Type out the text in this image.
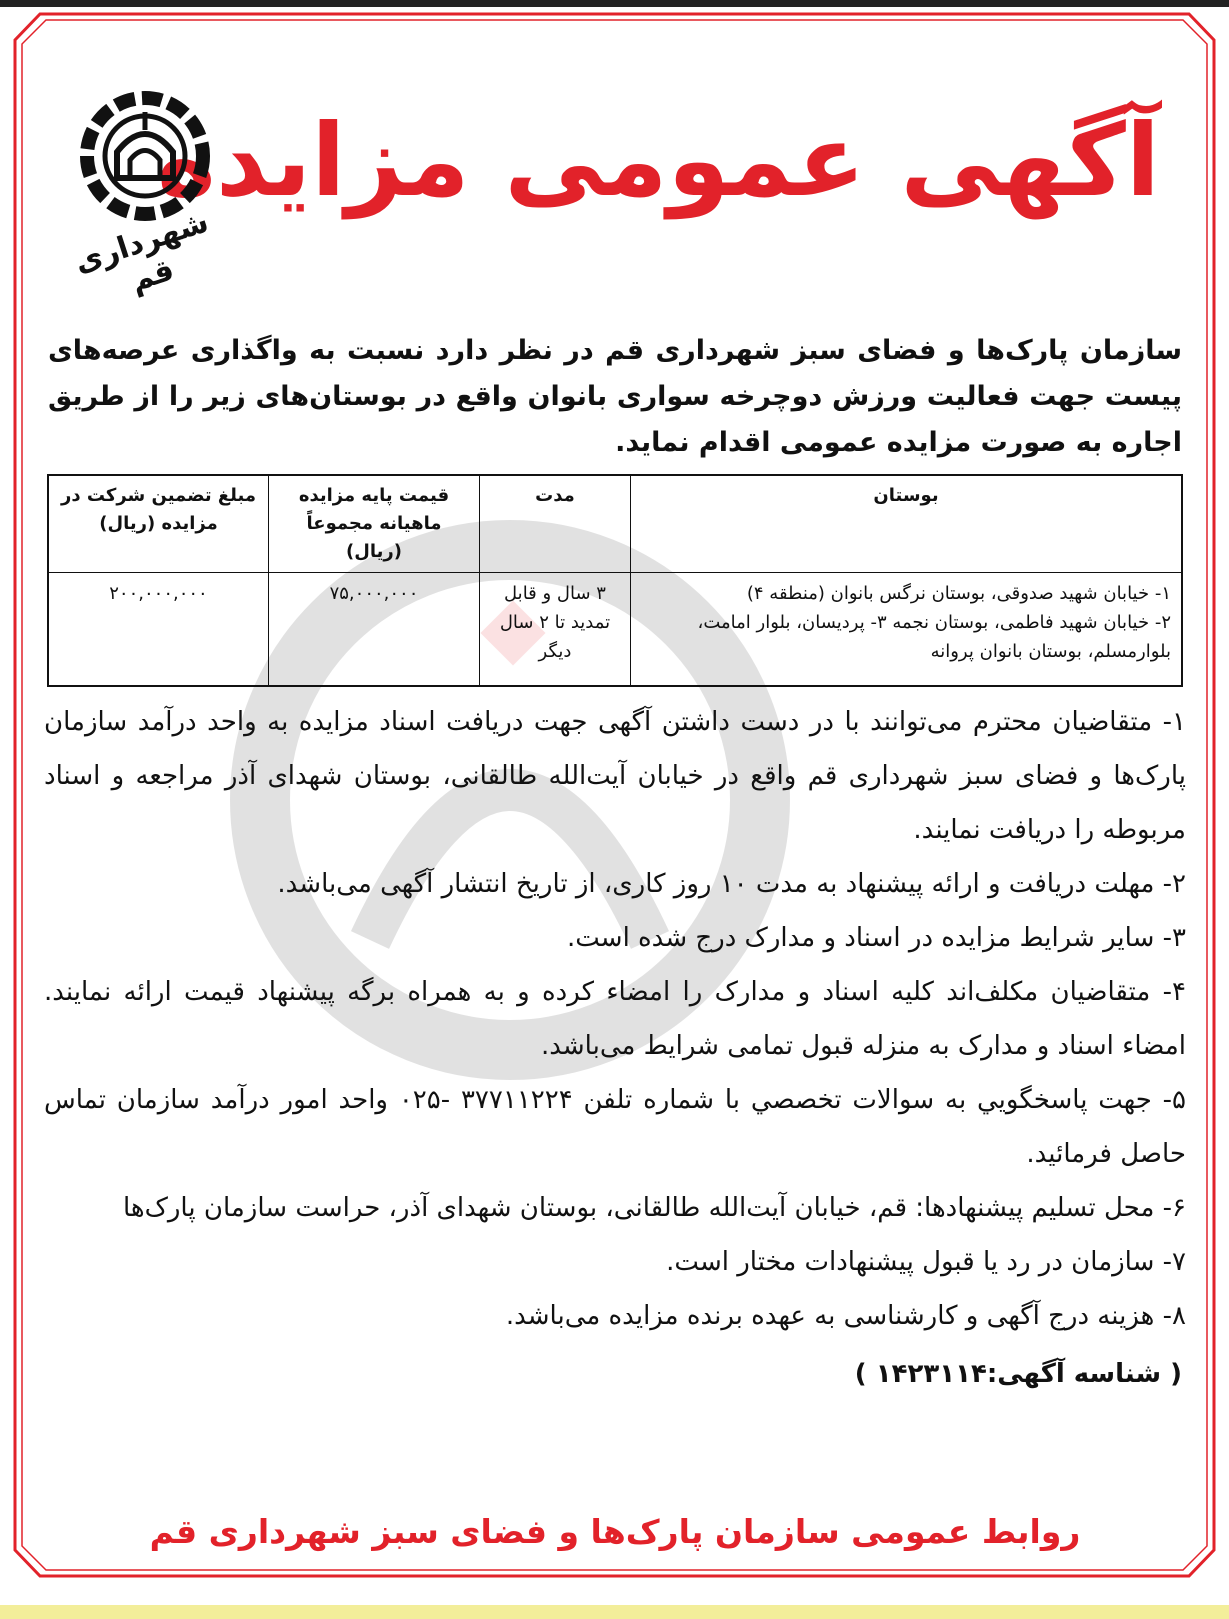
آگهی عمومی مزایده
شهرداری قم

سازمان پارک‌ها و فضای سبز شهرداری قم در نظر دارد نسبت به واگذاری عرصه‌های پیست جهت فعالیت ورزش دوچرخه سواری بانوان واقع در بوستان‌های زیر را از طریق اجاره به صورت مزایده عمومی اقدام نماید.

بوستان	مدت	قیمت پایه مزایده ماهیانه مجموعاً (ریال)	مبلغ تضمین شرکت در مزایده (ریال)

۱- خیابان شهید صدوقی، بوستان نرگس بانوان (منطقه ۴)
۲- خیابان شهید فاطمی، بوستان نجمه ۳- پردیسان، بلوار امامت، بلوارمسلم، بوستان بانوان پروانه	۳ سال و قابل تمدید تا ۲ سال دیگر	۷۵,۰۰۰,۰۰۰	۲۰۰,۰۰۰,۰۰۰

۱- متقاضیان محترم می‌توانند با در دست داشتن آگهی جهت دریافت اسناد مزایده به واحد درآمد سازمان پارک‌ها و فضای سبز شهرداری قم واقع در خیابان آیت‌الله طالقانی، بوستان شهدای آذر مراجعه و اسناد مربوطه را دریافت نمایند.

۲- مهلت دریافت و ارائه پیشنهاد به مدت ۱۰ روز کاری، از تاریخ انتشار آگهی می‌باشد.

۳- سایر شرایط مزایده در اسناد و مدارک درج شده است.

۴- متقاضیان مکلف‌اند کلیه اسناد و مدارک را امضاء کرده و به همراه برگه پیشنهاد قیمت ارائه نمایند. امضاء اسناد و مدارک به منزله قبول تمامی شرایط می‌باشد.

۵- جهت پاسخگويي به سوالات تخصصي با شماره تلفن ۳۷۷۱۱۲۲۴ -۰۲۵ واحد امور درآمد سازمان تماس حاصل فرمائید.

۶- محل تسلیم پیشنهادها: قم، خیابان آیت‌الله طالقانی، بوستان شهدای آذر، حراست سازمان پارک‌ها

۷- سازمان در رد یا قبول پیشنهادات مختار است.

۸- هزینه درج آگهی و کارشناسی به عهده برنده مزایده می‌باشد.

( شناسه آگهی:۱۴۲۳۱۱۴ )
روابط عمومی سازمان پارک‌ها و فضای سبز شهرداری قم
